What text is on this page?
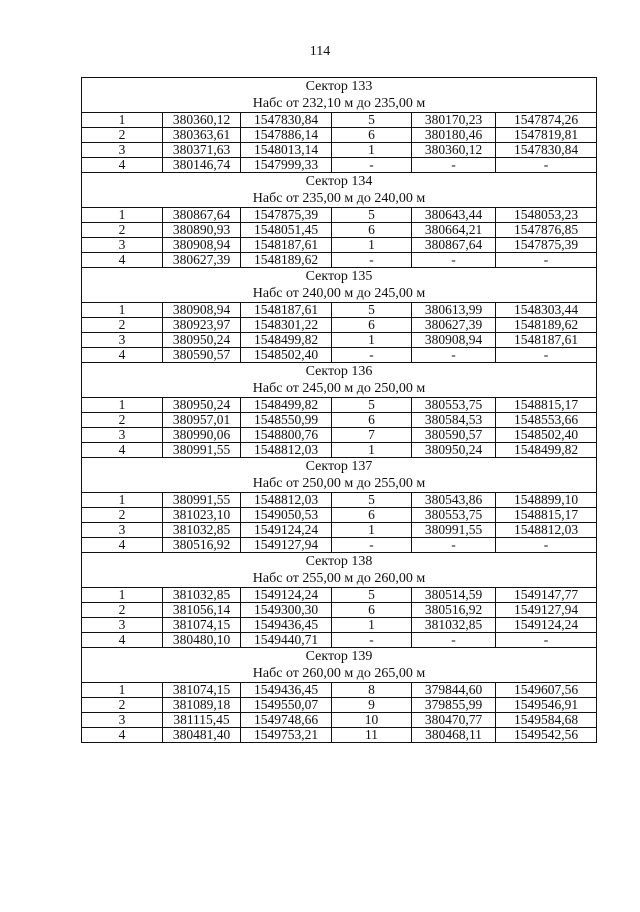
114
Сектор 133
Набс от 232,10 м до 235,00 м					

1	380360,12	1547830,84	5	380170,23	1547874,26
2	380363,61	1547886,14	6	380180,46	1547819,81
3	380371,63	1548013,14	1	380360,12	1547830,84
4	380146,74	1547999,33	-	-	-

Сектор 134
Набс от 235,00 м до 240,00 м					

1	380867,64	1547875,39	5	380643,44	1548053,23
2	380890,93	1548051,45	6	380664,21	1547876,85
3	380908,94	1548187,61	1	380867,64	1547875,39
4	380627,39	1548189,62	-	-	-

Сектор 135
Набс от 240,00 м до 245,00 м					

1	380908,94	1548187,61	5	380613,99	1548303,44
2	380923,97	1548301,22	6	380627,39	1548189,62
3	380950,24	1548499,82	1	380908,94	1548187,61
4	380590,57	1548502,40	-	-	-

Сектор 136
Набс от 245,00 м до 250,00 м					

1	380950,24	1548499,82	5	380553,75	1548815,17
2	380957,01	1548550,99	6	380584,53	1548553,66
3	380990,06	1548800,76	7	380590,57	1548502,40
4	380991,55	1548812,03	1	380950,24	1548499,82

Сектор 137
Набс от 250,00 м до 255,00 м					

1	380991,55	1548812,03	5	380543,86	1548899,10
2	381023,10	1549050,53	6	380553,75	1548815,17
3	381032,85	1549124,24	1	380991,55	1548812,03
4	380516,92	1549127,94	-	-	-

Сектор 138
Набс от 255,00 м до 260,00 м					

1	381032,85	1549124,24	5	380514,59	1549147,77
2	381056,14	1549300,30	6	380516,92	1549127,94
3	381074,15	1549436,45	1	381032,85	1549124,24
4	380480,10	1549440,71	-	-	-

Сектор 139
Набс от 260,00 м до 265,00 м					

1	381074,15	1549436,45	8	379844,60	1549607,56
2	381089,18	1549550,07	9	379855,99	1549546,91
3	381115,45	1549748,66	10	380470,77	1549584,68
4	380481,40	1549753,21	11	380468,11	1549542,56
